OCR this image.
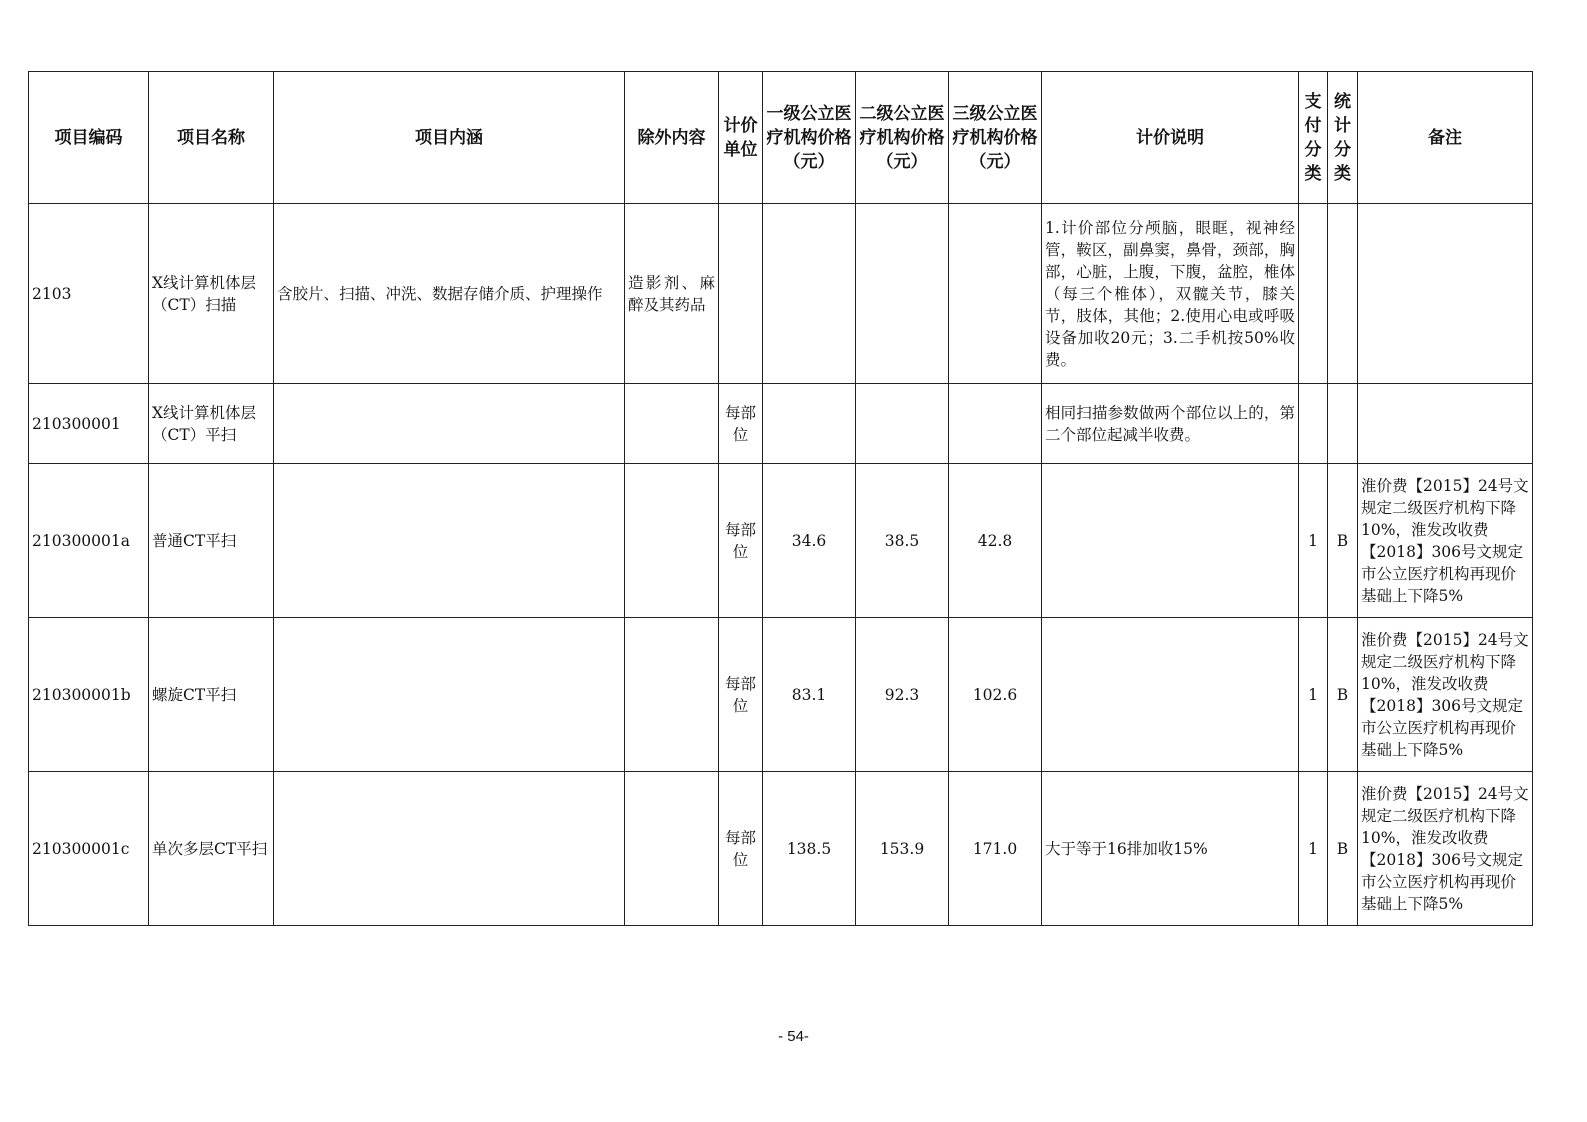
项目编码	项目名称	项目内涵	除外内容	计价单位	一级公立医疗机构价格（元）	二级公立医疗机构价格（元）	三级公立医疗机构价格（元）	计价说明	支付分类	统计分类	备注
2103	X线计算机体层（CT）扫描	含胶片、扫描、冲洗、数据存储介质、护理操作	造影剂、麻醉及其药品					1.计价部位分颅脑，眼眶，视神经管，鞍区，副鼻窦，鼻骨，颈部，胸部，心脏，上腹，下腹，盆腔，椎体（每三个椎体），双髋关节，膝关节，肢体，其他；2.使用心电或呼吸设备加收20元；3.二手机按50%收费。			
210300001	X线计算机体层（CT）平扫			每部位				相同扫描参数做两个部位以上的，第二个部位起减半收费。			
210300001a	普通CT平扫			每部位	34.6	38.5	42.8		1	B	淮价费【2015】24号文规定二级医疗机构下降10%，淮发改收费【2018】306号文规定市公立医疗机构再现价基础上下降5%
210300001b	螺旋CT平扫			每部位	83.1	92.3	102.6		1	B	淮价费【2015】24号文规定二级医疗机构下降10%，淮发改收费【2018】306号文规定市公立医疗机构再现价基础上下降5%
210300001c	单次多层CT平扫			每部位	138.5	153.9	171.0	大于等于16排加收15%	1	B	淮价费【2015】24号文规定二级医疗机构下降10%，淮发改收费【2018】306号文规定市公立医疗机构再现价基础上下降5%
- 54-
